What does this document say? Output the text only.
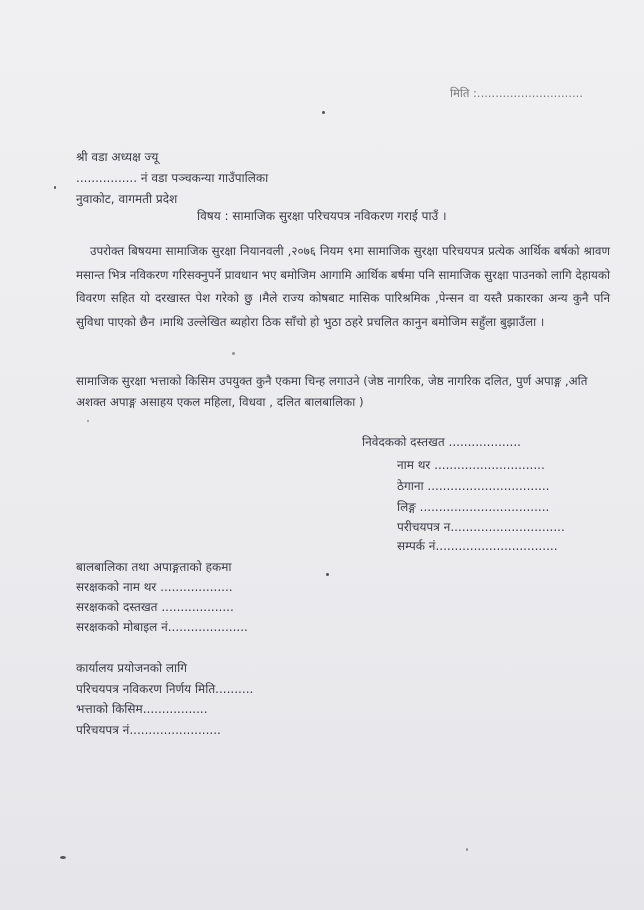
मिति :.............................
श्री वडा अध्यक्ष ज्यू
................ नं वडा पञ्चकन्या गाउँपालिका
नुवाकोट, वागमती प्रदेश
विषय : सामाजिक सुरक्षा परिचयपत्र नविकरण गराई पाउँ ।
उपरोक्त बिषयमा सामाजिक सुरक्षा नियानवली ,२०७६ नियम ९मा सामाजिक सुरक्षा परिचयपत्र प्रत्येक आर्थिक बर्षको श्रावण मसान्त भित्र नविकरण गरिसक्नुपर्ने प्रावधान भए बमोजिम आगामि आर्थिक बर्षमा पनि सामाजिक सुरक्षा पाउनको लागि देहायको विवरण सहित यो दरखास्त पेश गरेको छु ।मैले राज्य कोषबाट मासिक पारिश्रमिक ,पेन्सन वा यस्तै प्रकारका अन्य कुनै पनि सुविधा पाएको छैन ।माथि उल्लेखित ब्यहोरा ठिक साँचो हो भुठा ठहरे प्रचलित कानुन बमोजिम सहुँला बुझाउँला ।
सामाजिक सुरक्षा भत्ताको किसिम उपयुक्त कुनै एकमा चिन्ह लगाउने (जेष्ठ नागरिक, जेष्ठ नागरिक दलित, पुर्ण अपाङ्ग ,अति अशक्त अपाङ्ग असाहय एकल महिला, विधवा , दलित बालबालिका )
निवेदकको दस्तखत ...................
नाम थर .............................
ठेगाना ................................
लिङ्ग ..................................
परीचयपत्र न..............................
सम्पर्क नं................................
बालबालिका तथा अपाङ्गताको हकमा
सरक्षकको नाम थर ...................
सरक्षकको दस्तखत ...................
सरक्षकको मोबाइल नं.....................
कार्यालय प्रयोजनको लागि
परिचयपत्र नविकरण निर्णय मिति..........
भत्ताको किसिम.................
परिचयपत्र नं........................
